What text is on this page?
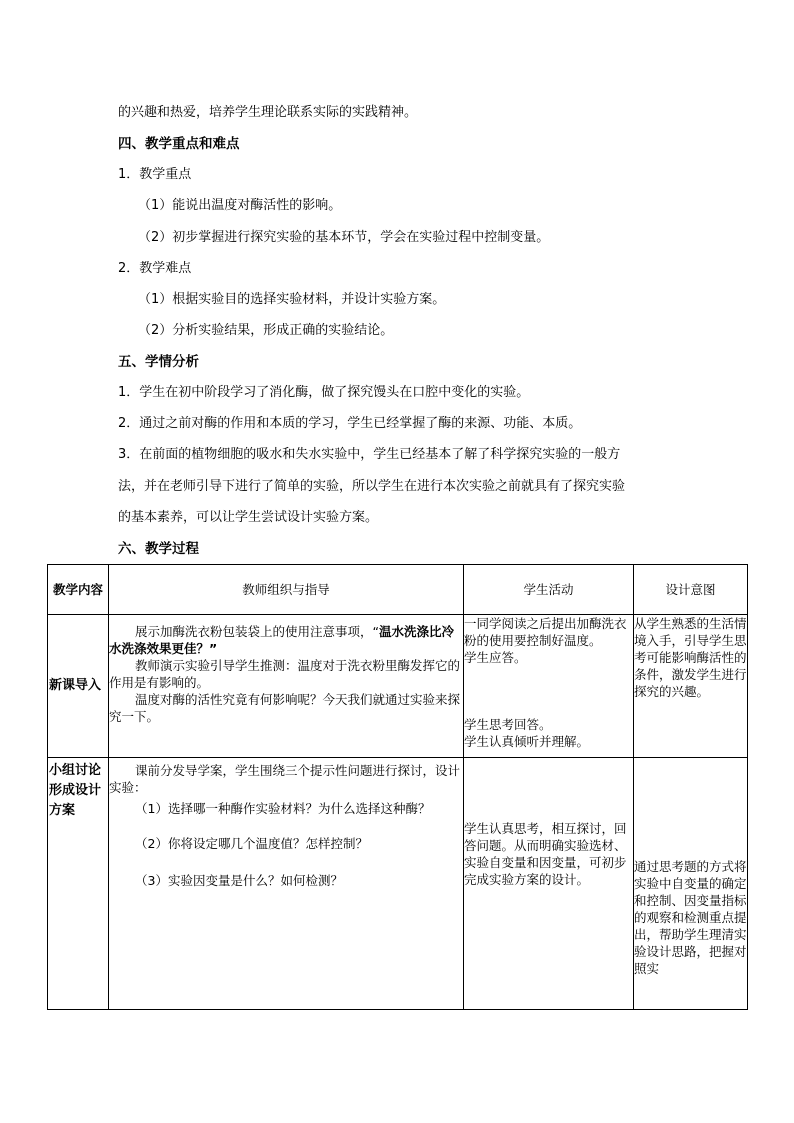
的兴趣和热爱，培养学生理论联系实际的实践精神。
四、教学重点和难点
1．教学重点
（1）能说出温度对酶活性的影响。
（2）初步掌握进行探究实验的基本环节，学会在实验过程中控制变量。
2．教学难点
（1）根据实验目的选择实验材料，并设计实验方案。
（2）分析实验结果，形成正确的实验结论。
五、学情分析
1．学生在初中阶段学习了消化酶，做了探究馒头在口腔中变化的实验。
2．通过之前对酶的作用和本质的学习，学生已经掌握了酶的来源、功能、本质。
3．在前面的植物细胞的吸水和失水实验中，学生已经基本了解了科学探究实验的一般方
法，并在老师引导下进行了简单的实验，所以学生在进行本次实验之前就具有了探究实验
的基本素养，可以让学生尝试设计实验方案。
六、教学过程
教学内容	教师组织与指导	学生活动	设计意图

新课导入	展示加酶洗衣粉包装袋上的使用注意事项，“温水洗涤比冷水洗涤效果更佳？”
教师演示实验引导学生推测：温度对于洗衣粉里酶发挥它的作用是有影响的。
温度对酶的活性究竟有何影响呢？今天我们就通过实验来探究一下。	一同学阅读之后提出加酶洗衣粉的使用要控制好温度。
学生应答。
学生思考回答。
学生认真倾听并理解。	从学生熟悉的生活情境入手，引导学生思考可能影响酶活性的条件，激发学生进行探究的兴趣。

小组讨论形成设计方案	课前分发导学案，学生围绕三个提示性问题进行探讨，设计实验：
（1）选择哪一种酶作实验材料？为什么选择这种酶？
（2）你将设定哪几个温度值？怎样控制？
（3）实验因变量是什么？如何检测？	学生认真思考，相互探讨，回答问题。从而明确实验选材、实验自变量和因变量，可初步完成实验方案的设计。	通过思考题的方式将实验中自变量的确定和控制、因变量指标的观察和检测重点提出，帮助学生理清实验设计思路，把握对照实
